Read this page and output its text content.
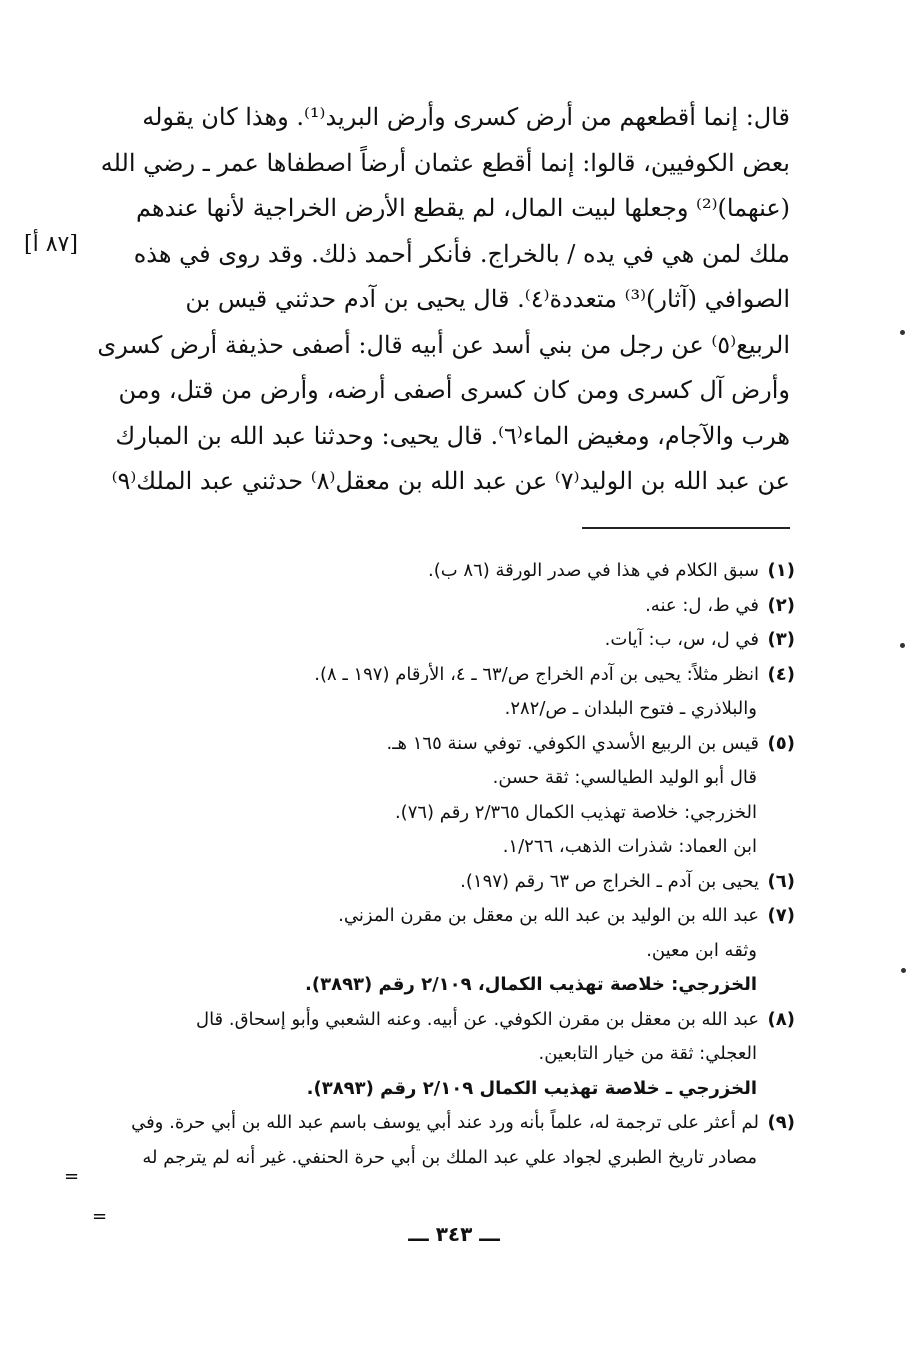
قال: إنما أقطعهم من أرض كسرى وأرض البريد⁽¹⁾. وهذا كان يقوله
بعض الكوفيين، قالوا: إنما أقطع عثمان أرضاً اصطفاها عمر ـ رضي الله
(عنهما)⁽²⁾ وجعلها لبيت المال، لم يقطع الأرض الخراجية لأنها عندهم
ملك لمن هي في يده / بالخراج. فأنكر أحمد ذلك. وقد روى في هذه
الصوافي (آثار)⁽³⁾ متعددة⁽٤⁾. قال يحيى بن آدم حدثني قيس بن
الربيع⁽٥⁾ عن رجل من بني أسد عن أبيه قال: أصفى حذيفة أرض كسرى
وأرض آل كسرى ومن كان كسرى أصفى أرضه، وأرض من قتل، ومن
هرب والآجام، ومغيض الماء⁽٦⁾. قال يحيى: وحدثنا عبد الله بن المبارك
عن عبد الله بن الوليد⁽٧⁾ عن عبد الله بن معقل⁽٨⁾ حدثني عبد الملك⁽٩⁾
[٨٧ أ]
(١)سبق الكلام في هذا في صدر الورقة (٨٦ ب).
(٢)في ط، ل: عنه.
(٣)في ل، س، ب: آيات.
(٤)انظر مثلاً: يحيى بن آدم الخراج ص/٦٣ ـ ٤، الأرقام (١٩٧ ـ ٨).
والبلاذري ـ فتوح البلدان ـ ص/٢٨٢.
(٥)قيس بن الربيع الأسدي الكوفي. توفي سنة ١٦٥ هـ.
قال أبو الوليد الطيالسي: ثقة حسن.
الخزرجي: خلاصة تهذيب الكمال ٢/٣٦٥ رقم (٧٦).
ابن العماد: شذرات الذهب، ١/٢٦٦.
(٦)يحيى بن آدم ـ الخراج ص ٦٣ رقم (١٩٧).
(٧)عبد الله بن الوليد بن عبد الله بن معقل بن مقرن المزني.
وثقه ابن معين.
الخزرجي: خلاصة تهذيب الكمال، ٢/١٠٩ رقم (٣٨٩٣).
(٨)عبد الله بن معقل بن مقرن الكوفي. عن أبيه. وعنه الشعبي وأبو إسحاق. قال
العجلي: ثقة من خيار التابعين.
الخزرجي ـ خلاصة تهذيب الكمال ٢/١٠٩ رقم (٣٨٩٣).
(٩)لم أعثر على ترجمة له، علماً بأنه ورد عند أبي يوسف باسم عبد الله بن أبي حرة. وفي
مصادر تاريخ الطبري لجواد علي عبد الملك بن أبي حرة الحنفي. غير أنه لم يترجم له
=
=
ـــ ٣٤٣ ـــ
